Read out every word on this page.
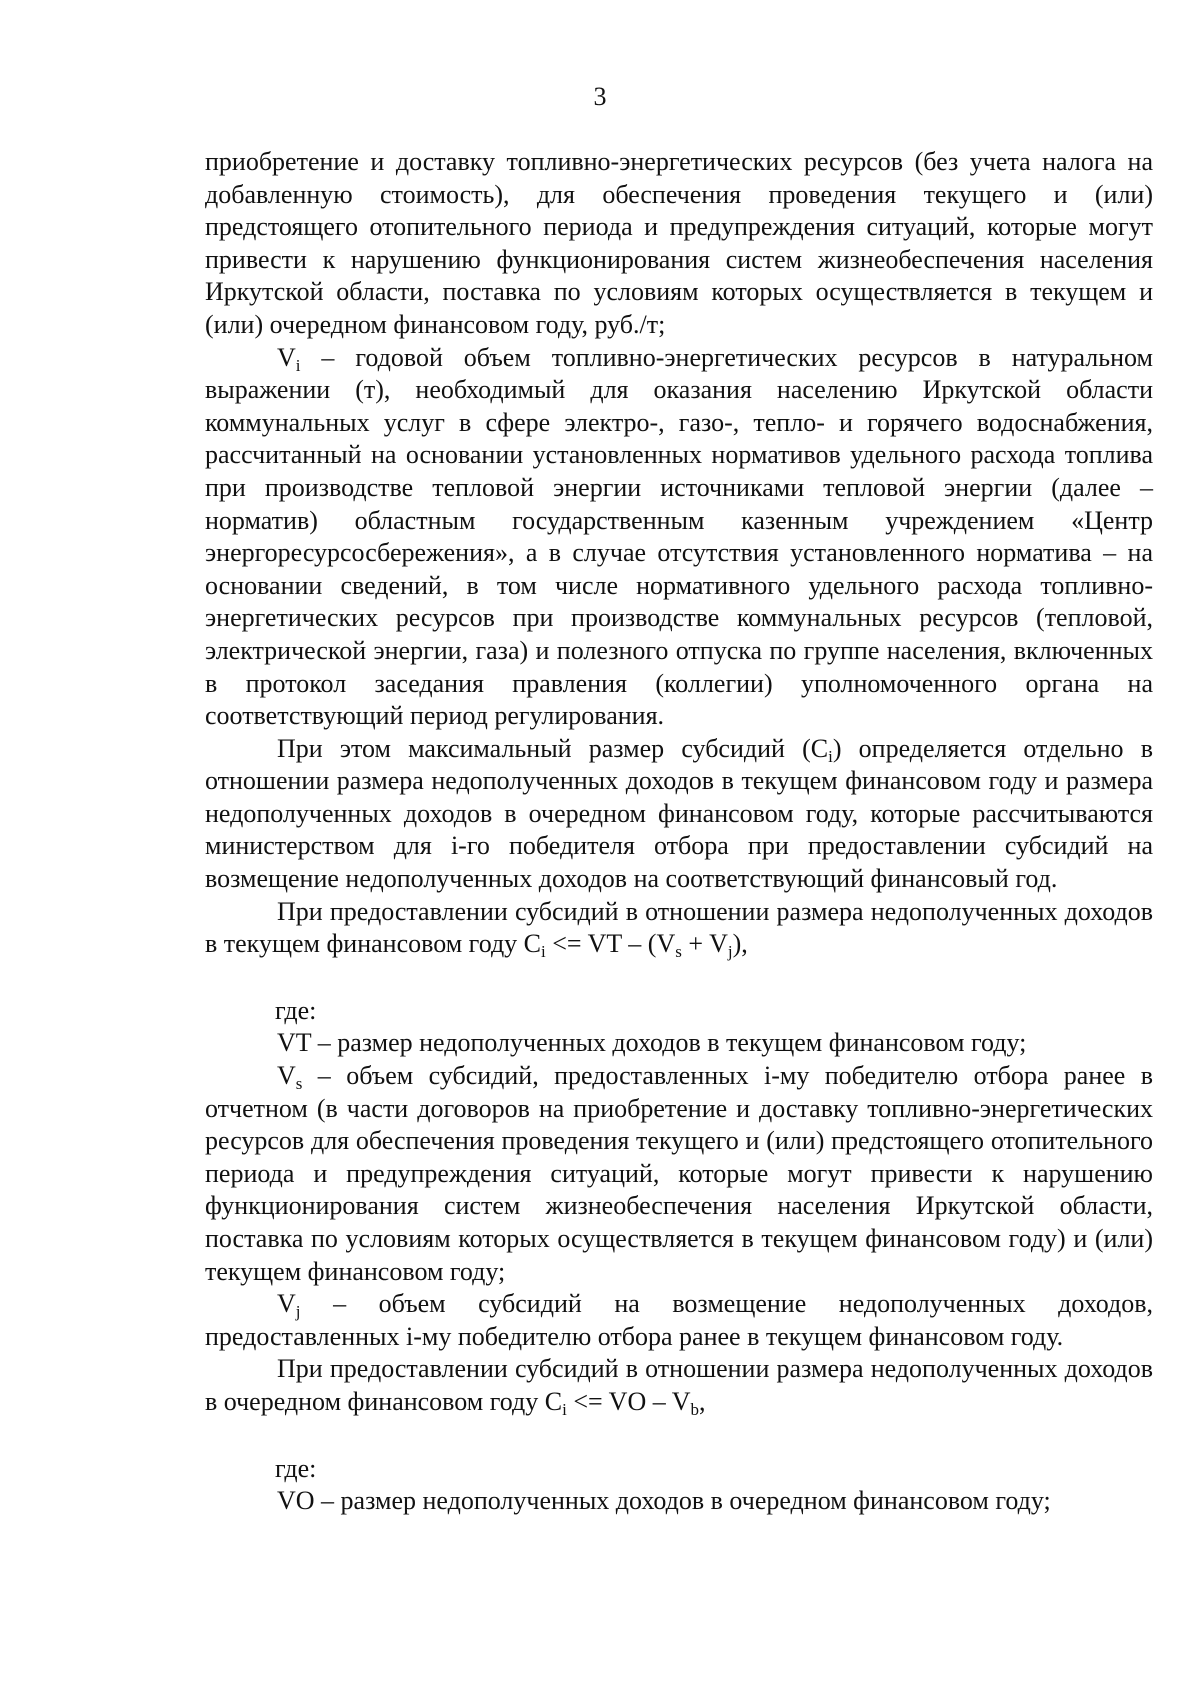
3

приобретение и доставку топливно-энергетических ресурсов (без учета налога на добавленную стоимость), для обеспечения проведения текущего и (или) предстоящего отопительного периода и предупреждения ситуаций, которые могут привести к нарушению функционирования систем жизнеобеспечения населения Иркутской области, поставка по условиям которых осуществляется в текущем и (или) очередном финансовом году, руб./т;

$V_i$ – годовой объем топливно-энергетических ресурсов в натуральном выражении (т), необходимый для оказания населению Иркутской области коммунальных услуг в сфере электро-, газо-, тепло- и горячего водоснабжения, рассчитанный на основании установленных нормативов удельного расхода топлива при производстве тепловой энергии источниками тепловой энергии (далее – норматив) областным государственным казенным учреждением «Центр энергоресурсосбережения», а в случае отсутствия установленного норматива – на основании сведений, в том числе нормативного удельного расхода топливно-энергетических ресурсов при производстве коммунальных ресурсов (тепловой, электрической энергии, газа) и полезного отпуска по группе населения, включенных в протокол заседания правления (коллегии) уполномоченного органа на соответствующий период регулирования.

При этом максимальный размер субсидий $(C_i)$ определяется отдельно в отношении размера недополученных доходов в текущем финансовом году и размера недополученных доходов в очередном финансовом году, которые рассчитываются министерством для i-го победителя отбора при предоставлении субсидий на возмещение недополученных доходов на соответствующий финансовый год.

При предоставлении субсидий в отношении размера недополученных доходов в текущем финансовом году $C_i$ <= VT – $(V_s + V_j)$,

где:

VT – размер недополученных доходов в текущем финансовом году;

$V_s$ – объем субсидий, предоставленных i-му победителю отбора ранее в отчетном (в части договоров на приобретение и доставку топливно-энергетических ресурсов для обеспечения проведения текущего и (или) предстоящего отопительного периода и предупреждения ситуаций, которые могут привести к нарушению функционирования систем жизнеобеспечения населения Иркутской области, поставка по условиям которых осуществляется в текущем финансовом году) и (или) текущем финансовом году;

$V_j$ – объем субсидий на возмещение недополученных доходов, предоставленных i-му победителю отбора ранее в текущем финансовом году.

При предоставлении субсидий в отношении размера недополученных доходов в очередном финансовом году $C_i$ <= VO – $V_b$,

где:

VO – размер недополученных доходов в очередном финансовом году;
